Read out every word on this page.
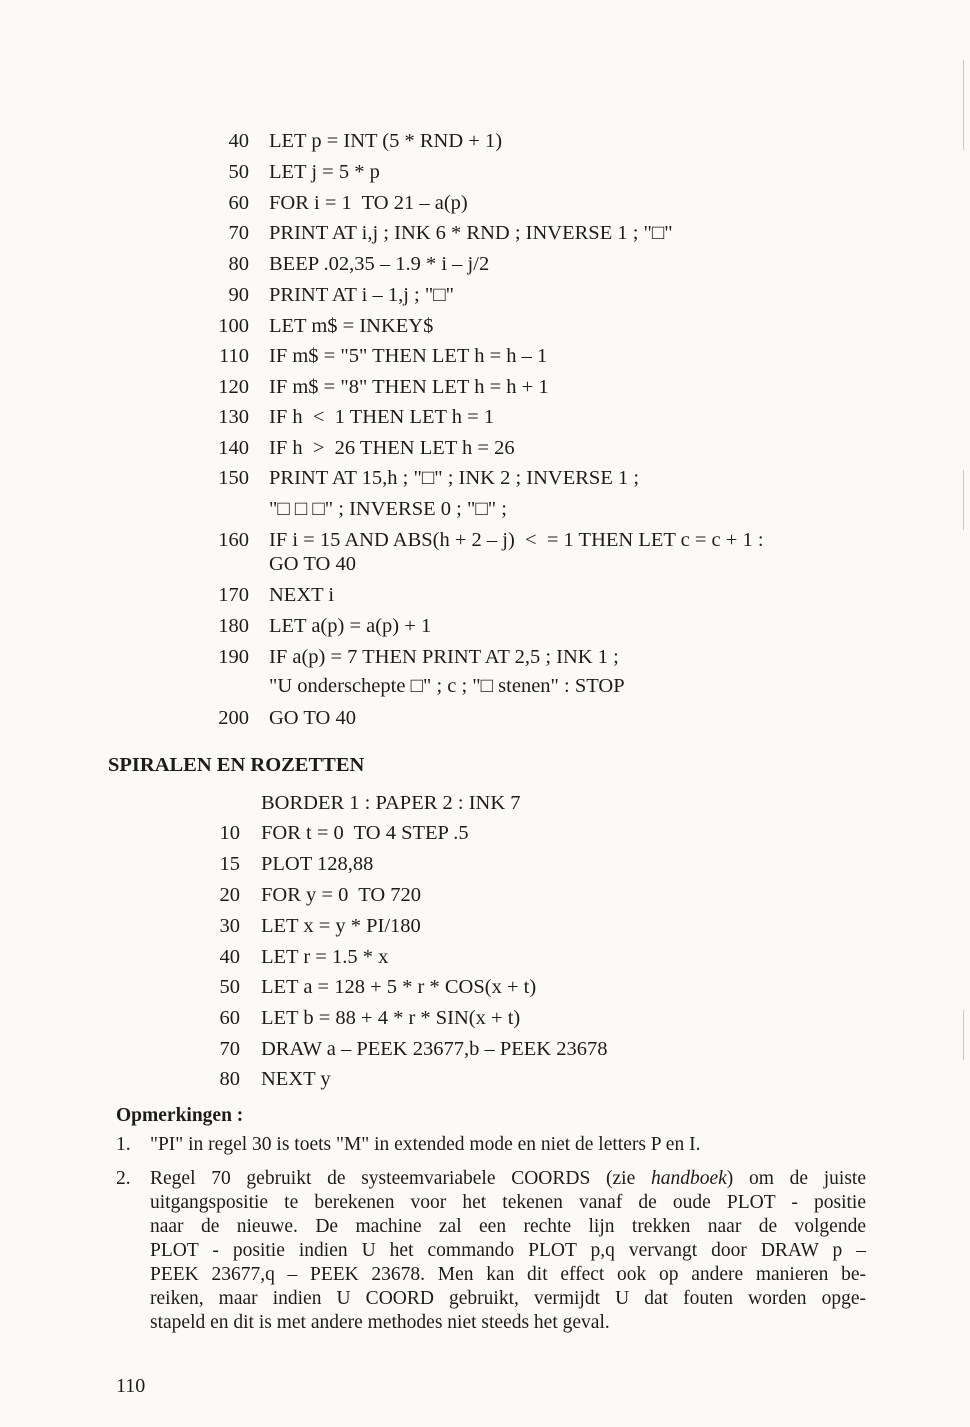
40 LET p = INT (5 * RND + 1)
50 LET j = 5 * p
60 FOR i = 1  TO 21 – a(p)
70 PRINT AT i,j ; INK 6 * RND ; INVERSE 1 ; "□"
80 BEEP .02,35 – 1.9 * i – j/2
90 PRINT AT i – 1,j ; "□"
100 LET m$ = INKEY$
110 IF m$ = "5" THEN LET h = h – 1
120 IF m$ = "8" THEN LET h = h + 1
130 IF h  <  1 THEN LET h = 1
140 IF h  >  26 THEN LET h = 26
150 PRINT AT 15,h ; "□" ; INK 2 ; INVERSE 1 ;
"□ □ □" ; INVERSE 0 ; "□" ;
160 IF i = 15 AND ABS(h + 2 – j)  <  = 1 THEN LET c = c + 1 :
GO TO 40
170 NEXT i
180 LET a(p) = a(p) + 1
190 IF a(p) = 7 THEN PRINT AT 2,5 ; INK 1 ;
"U onderschepte □" ; c ; "□ stenen" : STOP
200 GO TO 40
SPIRALEN EN ROZETTEN
BORDER 1 : PAPER 2 : INK 7
10 FOR t = 0  TO 4 STEP .5
15 PLOT 128,88
20 FOR y = 0  TO 720
30 LET x = y * PI/180
40 LET r = 1.5 * x
50 LET a = 128 + 5 * r * COS(x + t)
60 LET b = 88 + 4 * r * SIN(x + t)
70 DRAW a – PEEK 23677,b – PEEK 23678
80 NEXT y
Opmerkingen :
1. "PI" in regel 30 is toets "M" in extended mode en niet de letters P en I.
2. Regel 70 gebruikt de systeemvariabele COORDS (zie handboek) om de juiste
uitgangspositie te berekenen voor het tekenen vanaf de oude PLOT - positie
naar de nieuwe. De machine zal een rechte lijn trekken naar de volgende
PLOT - positie indien U het commando PLOT p,q vervangt door DRAW p –
PEEK 23677,q – PEEK 23678. Men kan dit effect ook op andere manieren be-
reiken, maar indien U COORD gebruikt, vermijdt U dat fouten worden opge-
stapeld en dit is met andere methodes niet steeds het geval.
110
